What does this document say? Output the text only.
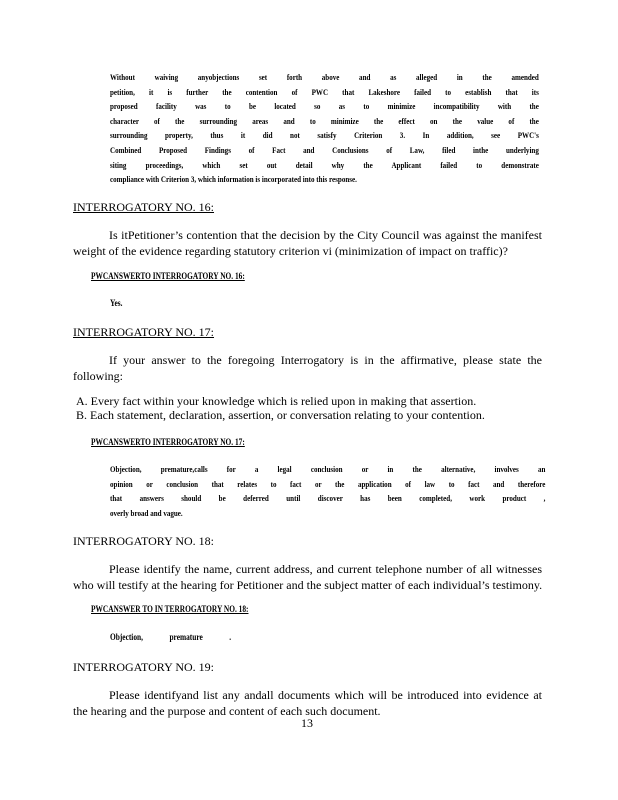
Without waiving anyobjections set forth above and as alleged in the amended
petition, it is further the contention of PWC that Lakeshore failed to establish that its
proposed facility was to be located so as to minimize incompatibility with the
character of the surrounding areas and to minimize the effect on the value of the
surrounding property, thus it did not satisfy Criterion 3. In addition, see PWC's
Combined Proposed Findings of Fact and Conclusions of Law, filed inthe underlying
siting proceedings, which set out detail why the Applicant failed to demonstrate
compliance with Criterion 3, which information is incorporated into this response.
INTERROGATORY NO. 16:
Is itPetitioner’s contention that the decision by the City Council was against the manifest
weight of the evidence regarding statutory criterion vi (minimization of impact on traffic)?
PWCANSWERTO INTERROGATORY NO. 16:
Yes.
INTERROGATORY NO. 17:
If your answer to the foregoing Interrogatory is in the affirmative, please state the
following:
A. Every fact within your knowledge which is relied upon in making that assertion.
B. Each statement, declaration, assertion, or conversation relating to your contention.
PWCANSWERTO INTERROGATORY NO. 17:
Objection, premature,calls for a legal conclusion or in the alternative, involves an
opinion or conclusion that relates to fact or the application of law to fact and therefore
that answers should be deferred until discover has been completed, work product ,
overly broad and vague.
INTERROGATORY NO. 18:
Please identify the name, current address, and current telephone number of all witnesses
who will testify at the hearing for Petitioner and the subject matter of each individual’s testimony.
PWCANSWER TO IN TERROGATORY NO. 18:
Objection, premature .
INTERROGATORY NO. 19:
Please identifyand list any andall documents which will be introduced into evidence at
the hearing and the purpose and content of each such document.
13
